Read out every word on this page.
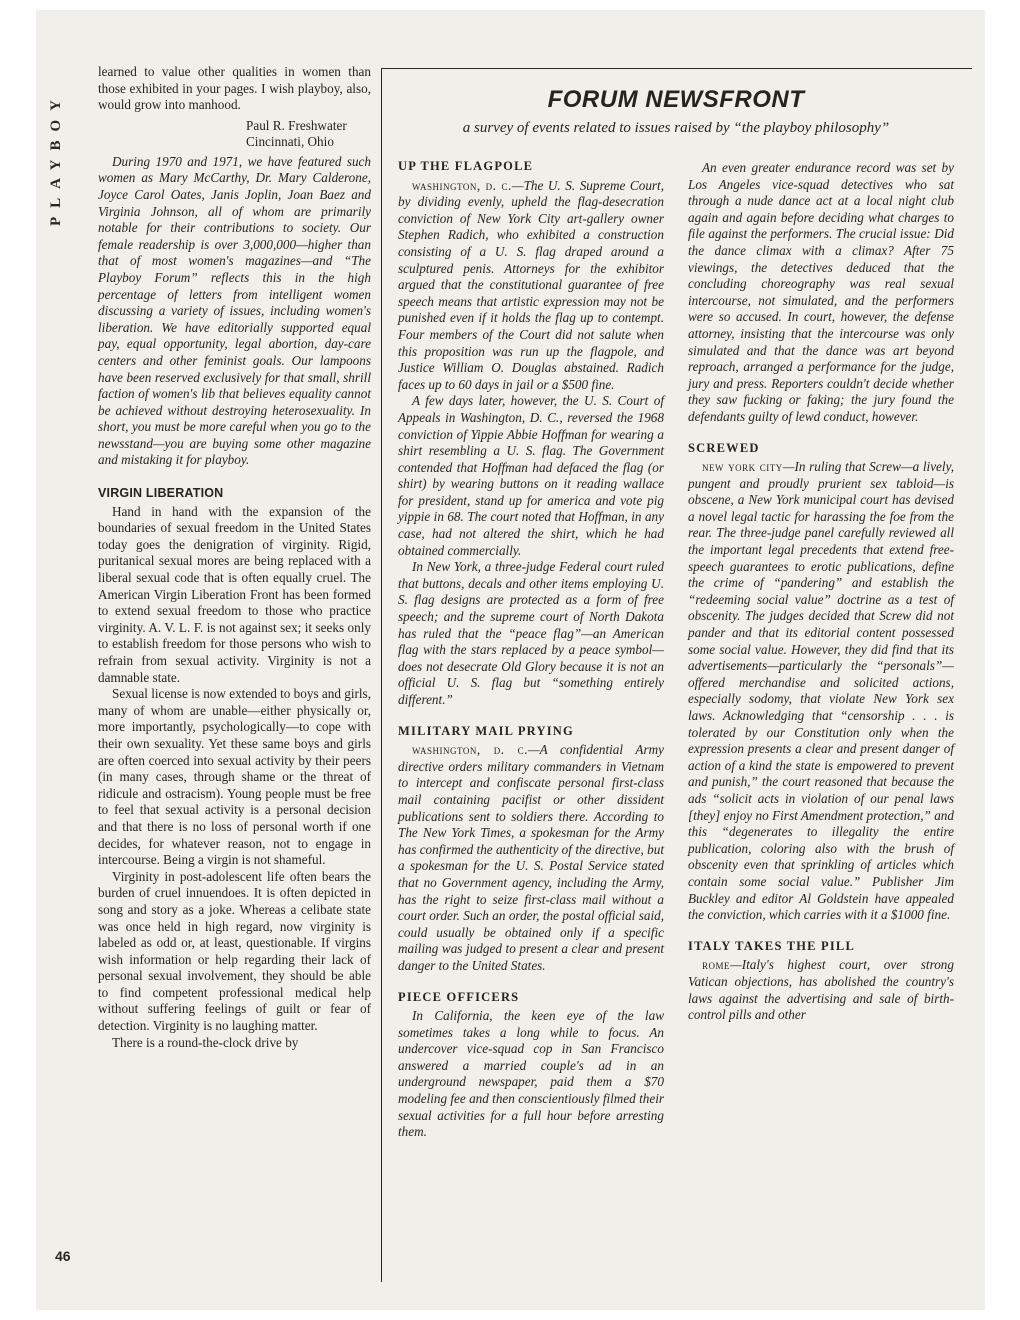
PLAYBOY
46

learned to value other qualities in women than those exhibited in your pages. I wish playboy, also, would grow into manhood.

Paul R. Freshwater
Cincinnati, Ohio

During 1970 and 1971, we have featured such women as Mary McCarthy, Dr. Mary Calderone, Joyce Carol Oates, Janis Joplin, Joan Baez and Virginia Johnson, all of whom are primarily notable for their contributions to society. Our female readership is over 3,000,000—higher than that of most women's magazines—and “The Playboy Forum” reflects this in the high percentage of letters from intelligent women discussing a variety of issues, including women's liberation. We have editorially supported equal pay, equal opportunity, legal abortion, day-care centers and other feminist goals. Our lampoons have been reserved exclusively for that small, shrill faction of women's lib that believes equality cannot be achieved without destroying heterosexuality. In short, you must be more careful when you go to the newsstand—you are buying some other magazine and mistaking it for playboy.

VIRGIN LIBERATION

Hand in hand with the expansion of the boundaries of sexual freedom in the United States today goes the denigration of virginity. Rigid, puritanical sexual mores are being replaced with a liberal sexual code that is often equally cruel. The American Virgin Liberation Front has been formed to extend sexual freedom to those who practice virginity. A. V. L. F. is not against sex; it seeks only to establish freedom for those persons who wish to refrain from sexual activity. Virginity is not a damnable state.

Sexual license is now extended to boys and girls, many of whom are unable—either physically or, more importantly, psychologically—to cope with their own sexuality. Yet these same boys and girls are often coerced into sexual activity by their peers (in many cases, through shame or the threat of ridicule and ostracism). Young people must be free to feel that sexual activity is a personal decision and that there is no loss of personal worth if one decides, for whatever reason, not to engage in intercourse. Being a virgin is not shameful.

Virginity in post-adolescent life often bears the burden of cruel innuendoes. It is often depicted in song and story as a joke. Whereas a celibate state was once held in high regard, now virginity is labeled as odd or, at least, questionable. If virgins wish information or help regarding their lack of personal sexual involvement, they should be able to find competent professional medical help without suffering feelings of guilt or fear of detection. Virginity is no laughing matter.

There is a round-the-clock drive by

FORUM NEWSFRONT
a survey of events related to issues raised by “the playboy philosophy”
UP THE FLAGPOLE

washington, d. c.—The U. S. Supreme Court, by dividing evenly, upheld the flag-desecration conviction of New York City art-gallery owner Stephen Radich, who exhibited a construction consisting of a U. S. flag draped around a sculptured penis. Attorneys for the exhibitor argued that the constitutional guarantee of free speech means that artistic expression may not be punished even if it holds the flag up to contempt. Four members of the Court did not salute when this proposition was run up the flagpole, and Justice William O. Douglas abstained. Radich faces up to 60 days in jail or a $500 fine.

A few days later, however, the U. S. Court of Appeals in Washington, D. C., reversed the 1968 conviction of Yippie Abbie Hoffman for wearing a shirt resembling a U. S. flag. The Government contended that Hoffman had defaced the flag (or shirt) by wearing buttons on it reading wallace for president, stand up for america and vote pig yippie in 68. The court noted that Hoffman, in any case, had not altered the shirt, which he had obtained commercially.

In New York, a three-judge Federal court ruled that buttons, decals and other items employing U. S. flag designs are protected as a form of free speech; and the supreme court of North Dakota has ruled that the “peace flag”—an American flag with the stars replaced by a peace symbol—does not desecrate Old Glory because it is not an official U. S. flag but “something entirely different.”

MILITARY MAIL PRYING

washington, d. c.—A confidential Army directive orders military commanders in Vietnam to intercept and confiscate personal first-class mail containing pacifist or other dissident publications sent to soldiers there. According to The New York Times, a spokesman for the Army has confirmed the authenticity of the directive, but a spokesman for the U. S. Postal Service stated that no Government agency, including the Army, has the right to seize first-class mail without a court order. Such an order, the postal official said, could usually be obtained only if a specific mailing was judged to present a clear and present danger to the United States.

PIECE OFFICERS

In California, the keen eye of the law sometimes takes a long while to focus. An undercover vice-squad cop in San Francisco answered a married couple's ad in an underground newspaper, paid them a $70 modeling fee and then conscientiously filmed their sexual activities for a full hour before arresting them.

An even greater endurance record was set by Los Angeles vice-squad detectives who sat through a nude dance act at a local night club again and again before deciding what charges to file against the performers. The crucial issue: Did the dance climax with a climax? After 75 viewings, the detectives deduced that the concluding choreography was real sexual intercourse, not simulated, and the performers were so accused. In court, however, the defense attorney, insisting that the intercourse was only simulated and that the dance was art beyond reproach, arranged a performance for the judge, jury and press. Reporters couldn't decide whether they saw fucking or faking; the jury found the defendants guilty of lewd conduct, however.

SCREWED

new york city—In ruling that Screw—a lively, pungent and proudly prurient sex tabloid—is obscene, a New York municipal court has devised a novel legal tactic for harassing the foe from the rear. The three-judge panel carefully reviewed all the important legal precedents that extend free-speech guarantees to erotic publications, define the crime of “pandering” and establish the “redeeming social value” doctrine as a test of obscenity. The judges decided that Screw did not pander and that its editorial content possessed some social value. However, they did find that its advertisements—particularly the “personals”—offered merchandise and solicited actions, especially sodomy, that violate New York sex laws. Acknowledging that “censorship . . . is tolerated by our Constitution only when the expression presents a clear and present danger of action of a kind the state is empowered to prevent and punish,” the court reasoned that because the ads “solicit acts in violation of our penal laws [they] enjoy no First Amendment protection,” and this “degenerates to illegality the entire publication, coloring also with the brush of obscenity even that sprinkling of articles which contain some social value.” Publisher Jim Buckley and editor Al Goldstein have appealed the conviction, which carries with it a $1000 fine.

ITALY TAKES THE PILL

rome—Italy's highest court, over strong Vatican objections, has abolished the country's laws against the advertising and sale of birth-control pills and other
